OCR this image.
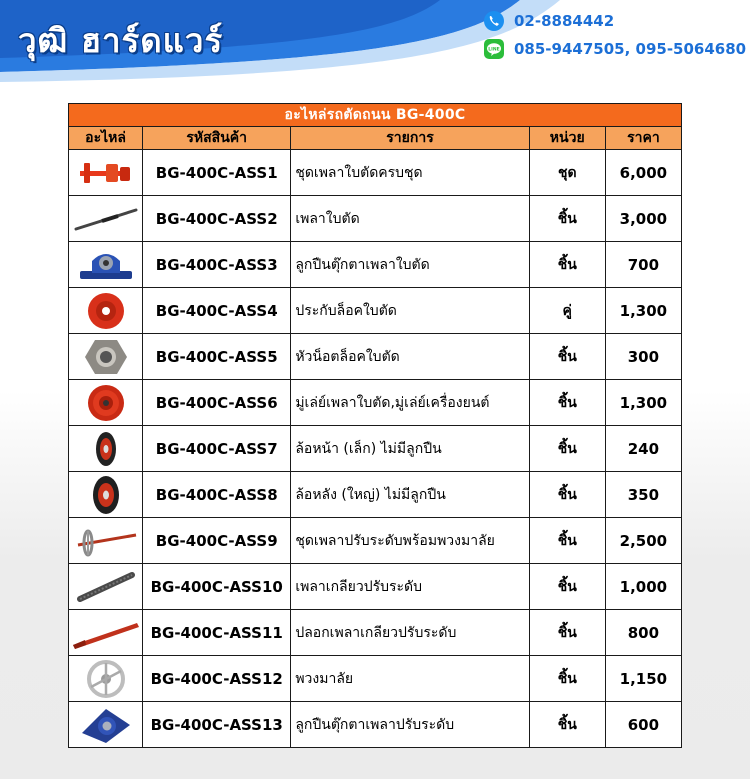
วุฒิ ฮาร์ดแวร์	02-8884442
LINE 085-9447505, 095-5064680
อะไหล่รถตัดถนน BG-400C				
อะไหล่	รหัสสินค้า	รายการ	หน่วย	ราคา

	BG-400C-ASS1	ชุดเพลาใบตัดครบชุด	ชุด	6,000

	BG-400C-ASS2	เพลาใบตัด	ชิ้น	3,000

	BG-400C-ASS3	ลูกปืนตุ๊กตาเพลาใบตัด	ชิ้น	700

	BG-400C-ASS4	ประกับล็อคใบตัด	คู่	1,300

	BG-400C-ASS5	หัวน็อตล็อคใบตัด	ชิ้น	300

	BG-400C-ASS6	มู่เล่ย์เพลาใบตัด,มู่เล่ย์เครื่องยนต์	ชิ้น	1,300

	BG-400C-ASS7	ล้อหน้า (เล็ก) ไม่มีลูกปืน	ชิ้น	240

	BG-400C-ASS8	ล้อหลัง (ใหญ่) ไม่มีลูกปืน	ชิ้น	350

	BG-400C-ASS9	ชุดเพลาปรับระดับพร้อมพวงมาลัย	ชิ้น	2,500

	BG-400C-ASS10	เพลาเกลียวปรับระดับ	ชิ้น	1,000

	BG-400C-ASS11	ปลอกเพลาเกลียวปรับระดับ	ชิ้น	800

	BG-400C-ASS12	พวงมาลัย	ชิ้น	1,150

	BG-400C-ASS13	ลูกปืนตุ๊กตาเพลาปรับระดับ	ชิ้น	600
